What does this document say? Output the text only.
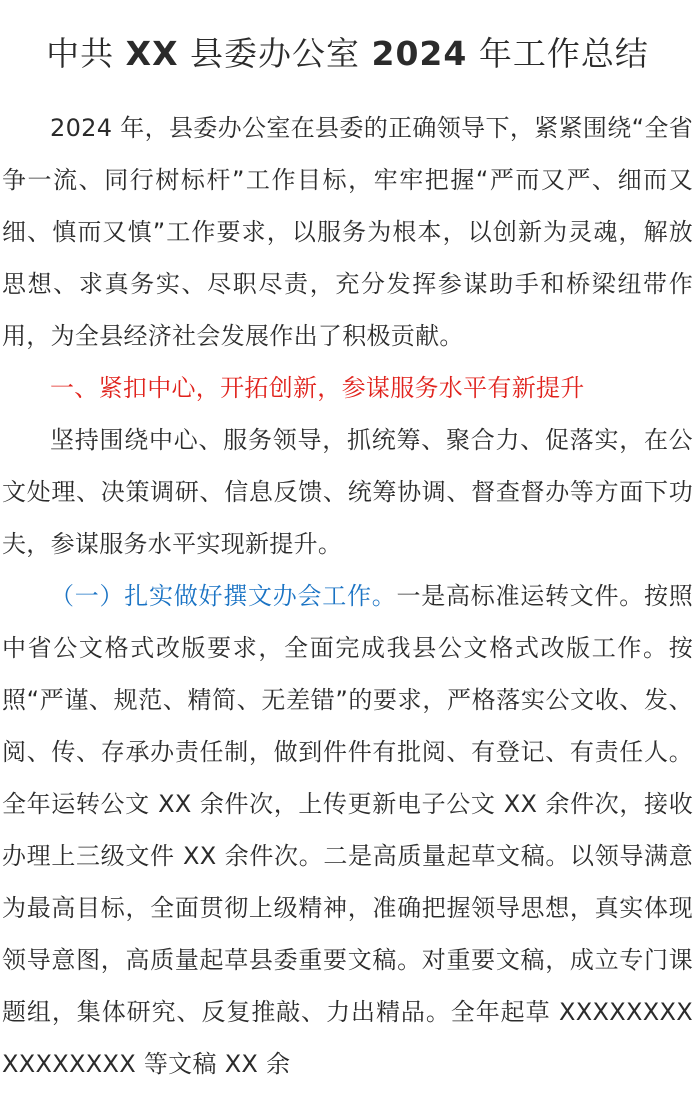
中共 XX 县委办公室 2024 年工作总结

2024 年，县委办公室在县委的正确领导下，紧紧围绕“全省争一流、同行树标杆”工作目标，牢牢把握“严而又严、细而又细、慎而又慎”工作要求，以服务为根本，以创新为灵魂，解放思想、求真务实、尽职尽责，充分发挥参谋助手和桥梁纽带作用，为全县经济社会发展作出了积极贡献。

一、紧扣中心，开拓创新，参谋服务水平有新提升

坚持围绕中心、服务领导，抓统筹、聚合力、促落实，在公文处理、决策调研、信息反馈、统筹协调、督查督办等方面下功夫，参谋服务水平实现新提升。

（一）扎实做好撰文办会工作。一是高标准运转文件。按照中省公文格式改版要求，全面完成我县公文格式改版工作。按照“严谨、规范、精简、无差错”的要求，严格落实公文收、发、阅、传、存承办责任制，做到件件有批阅、有登记、有责任人。全年运转公文 XX 余件次，上传更新电子公文 XX 余件次，接收办理上三级文件 XX 余件次。二是高质量起草文稿。以领导满意为最高目标，全面贯彻上级精神，准确把握领导思想，真实体现领导意图，高质量起草县委重要文稿。对重要文稿，成立专门课题组，集体研究、反复推敲、力出精品。全年起草 XXXXXXXXXXXXXXXX 等文稿 XX 余
